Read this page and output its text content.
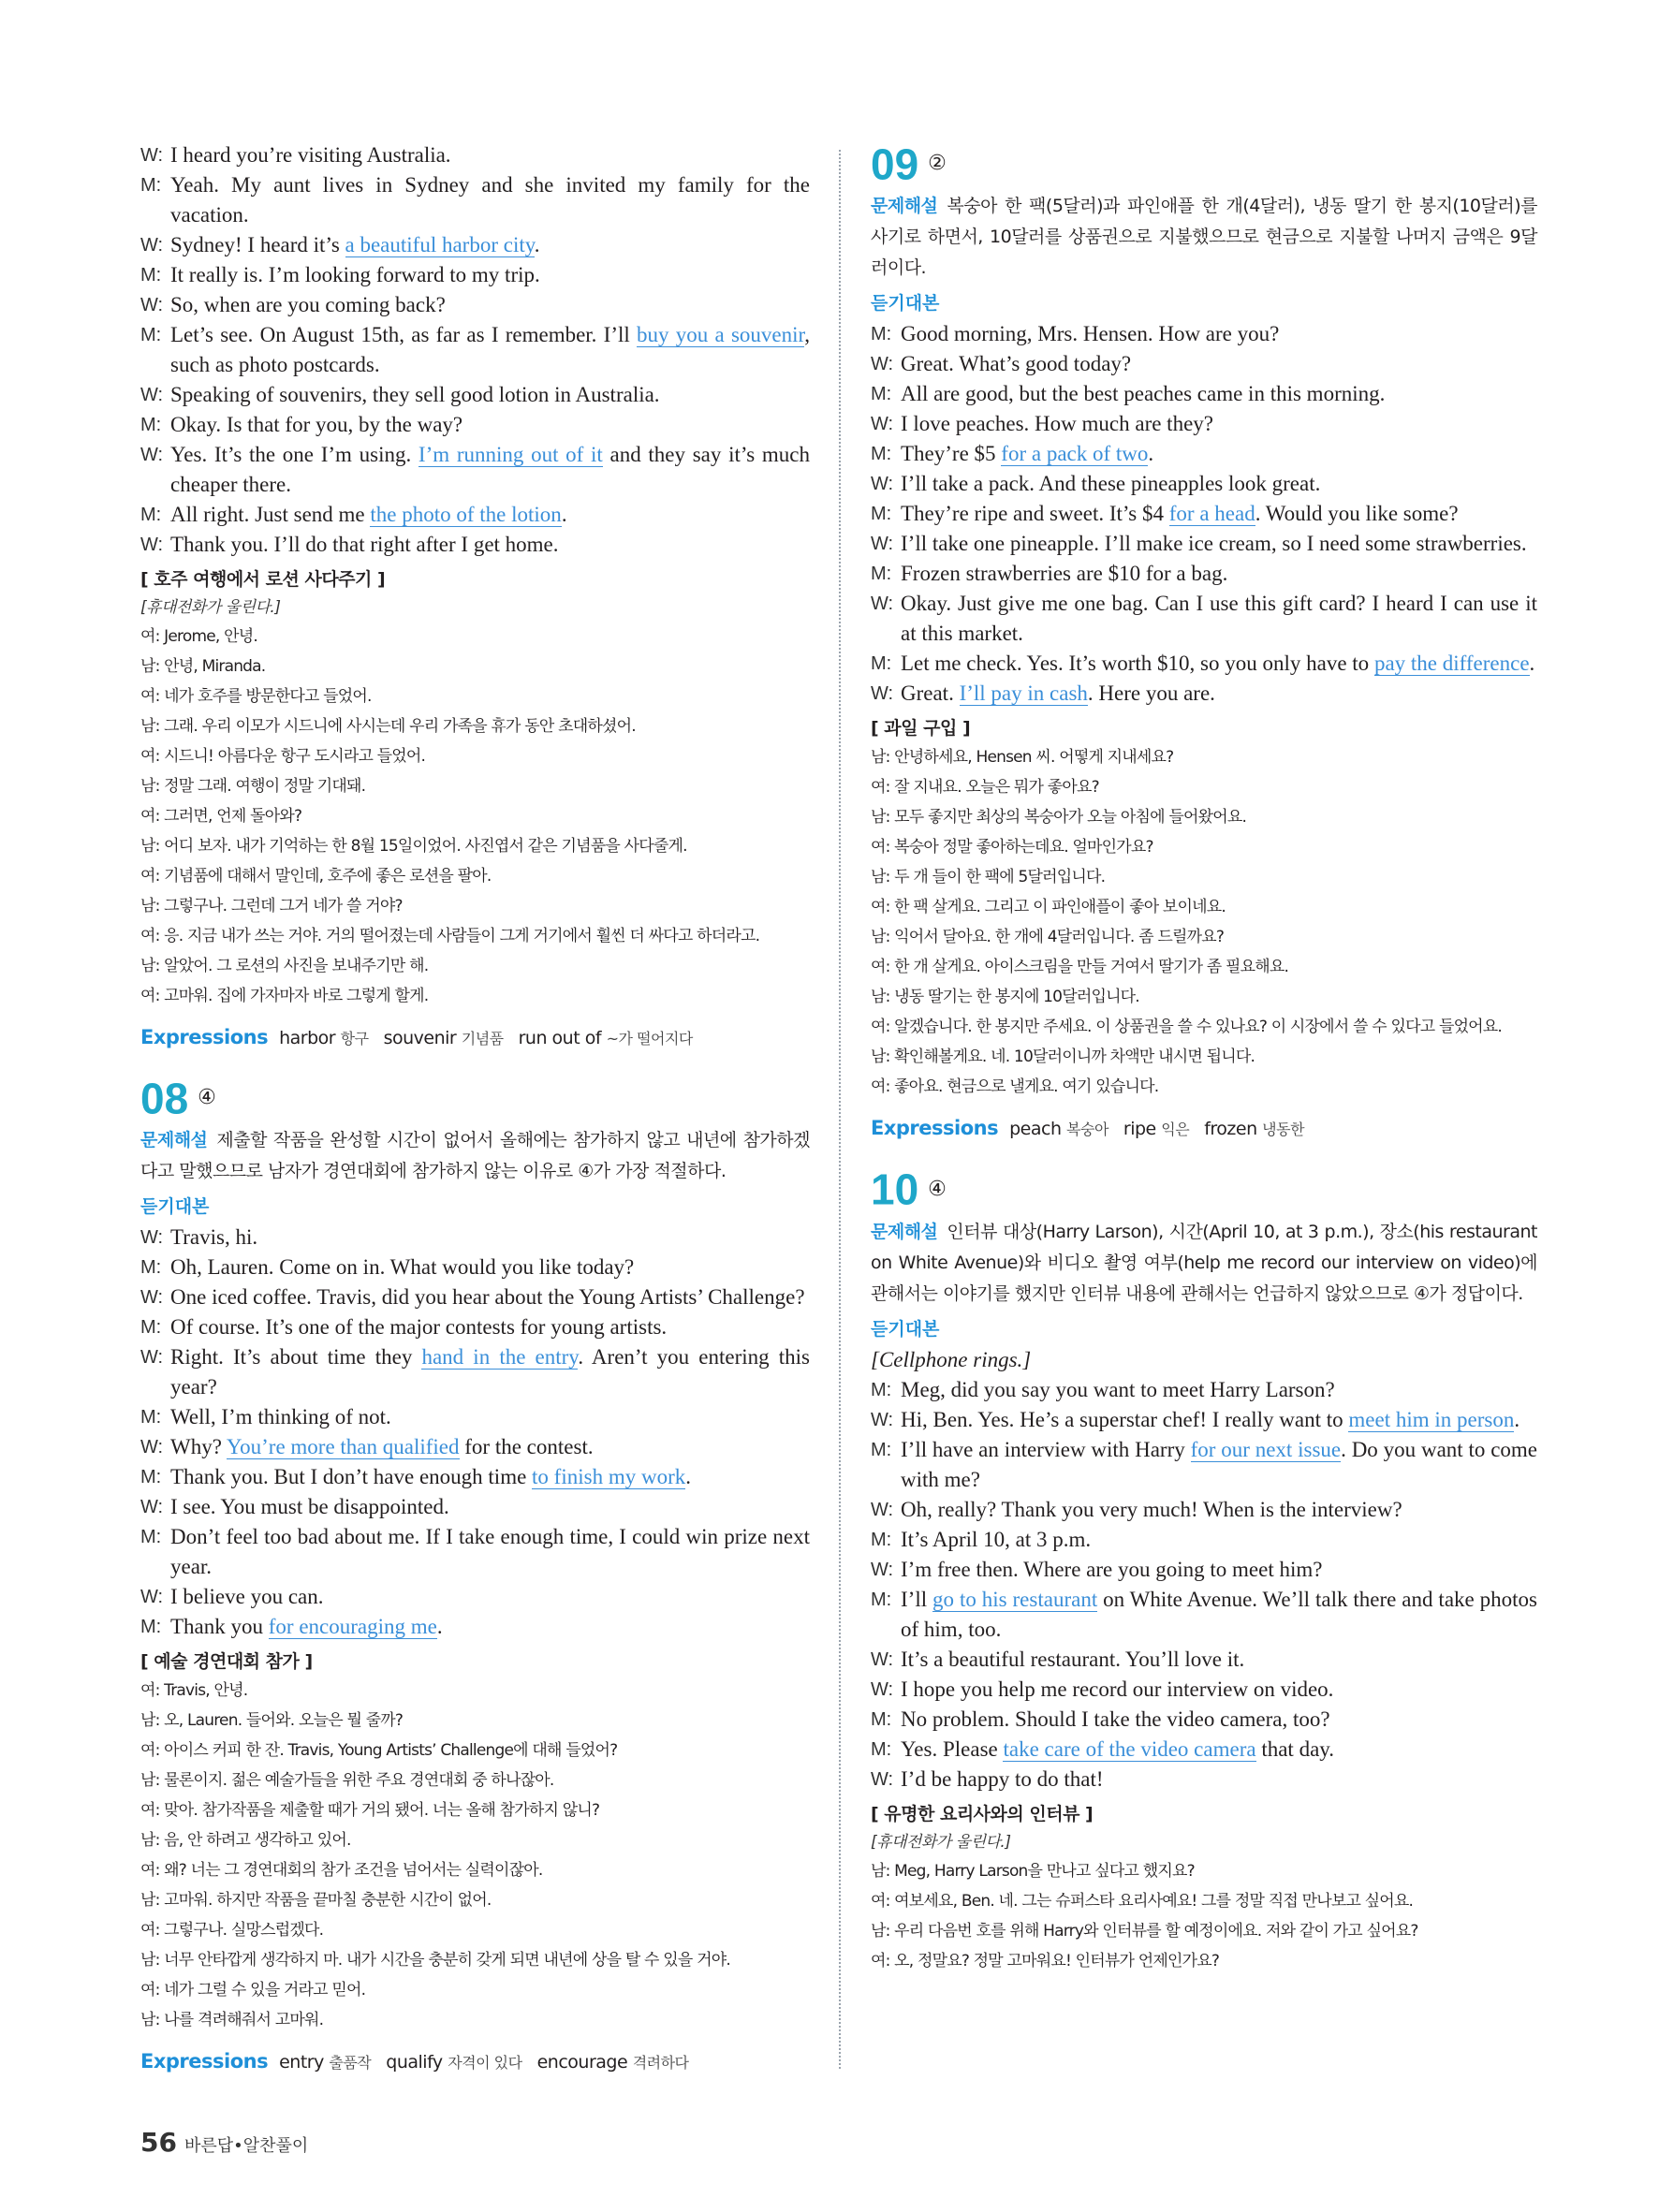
W: I heard you’re visiting Australia.
M: Yeah. My aunt lives in Sydney and she invited my family for the vacation.
W: Sydney! I heard it’s a beautiful harbor city.
M: It really is. I’m looking forward to my trip.
W: So, when are you coming back?
M: Let’s see. On August 15th, as far as I remember. I’ll buy you a souvenir, such as photo postcards.
W: Speaking of souvenirs, they sell good lotion in Australia.
M: Okay. Is that for you, by the way?
W: Yes. It’s the one I’m using. I’m running out of it and they say it’s much cheaper there.
M: All right. Just send me the photo of the lotion.
W: Thank you. I’ll do that right after I get home.
[ 호주 여행에서 로션 사다주기 ]
[휴대전화가 울린다.]
여: Jerome, 안녕.
남: 안녕, Miranda.
여: 네가 호주를 방문한다고 들었어.
남: 그래. 우리 이모가 시드니에 사시는데 우리 가족을 휴가 동안 초대하셨어.
여: 시드니! 아름다운 항구 도시라고 들었어.
남: 정말 그래. 여행이 정말 기대돼.
여: 그러면, 언제 돌아와?
남: 어디 보자. 내가 기억하는 한 8월 15일이었어. 사진엽서 같은 기념품을 사다줄게.
여: 기념품에 대해서 말인데, 호주에 좋은 로션을 팔아.
남: 그렇구나. 그런데 그거 네가 쓸 거야?
여: 응. 지금 내가 쓰는 거야. 거의 떨어졌는데 사람들이 그게 거기에서 훨씬 더 싸다고 하더라고.
남: 알았어. 그 로션의 사진을 보내주기만 해.
여: 고마워. 집에 가자마자 바로 그렇게 할게.
Expressions harbor 항구 souvenir 기념품 run out of ~가 떨어지다
08 ④
문제해설 제출할 작품을 완성할 시간이 없어서 올해에는 참가하지 않고 내년에 참가하겠다고 말했으므로 남자가 경연대회에 참가하지 않는 이유로 ④가 가장 적절하다.
듣기대본
W: Travis, hi.
M: Oh, Lauren. Come on in. What would you like today?
W: One iced coffee. Travis, did you hear about the Young Artists’ Challenge?
M: Of course. It’s one of the major contests for young artists.
W: Right. It’s about time they hand in the entry. Aren’t you entering this year?
M: Well, I’m thinking of not.
W: Why? You’re more than qualified for the contest.
M: Thank you. But I don’t have enough time to finish my work.
W: I see. You must be disappointed.
M: Don’t feel too bad about me. If I take enough time, I could win prize next year.
W: I believe you can.
M: Thank you for encouraging me.
[ 예술 경연대회 참가 ]
여: Travis, 안녕.
남: 오, Lauren. 들어와. 오늘은 뭘 줄까?
여: 아이스 커피 한 잔. Travis, Young Artists’ Challenge에 대해 들었어?
남: 물론이지. 젊은 예술가들을 위한 주요 경연대회 중 하나잖아.
여: 맞아. 참가작품을 제출할 때가 거의 됐어. 너는 올해 참가하지 않니?
남: 음, 안 하려고 생각하고 있어.
여: 왜? 너는 그 경연대회의 참가 조건을 넘어서는 실력이잖아.
남: 고마워. 하지만 작품을 끝마칠 충분한 시간이 없어.
여: 그렇구나. 실망스럽겠다.
남: 너무 안타깝게 생각하지 마. 내가 시간을 충분히 갖게 되면 내년에 상을 탈 수 있을 거야.
여: 네가 그럴 수 있을 거라고 믿어.
남: 나를 격려해줘서 고마워.
Expressions entry 출품작 qualify 자격이 있다 encourage 격려하다
09 ②
문제해설 복숭아 한 팩(5달러)과 파인애플 한 개(4달러), 냉동 딸기 한 봉지(10달러)를 사기로 하면서, 10달러를 상품권으로 지불했으므로 현금으로 지불할 나머지 금액은 9달러이다.
듣기대본
M: Good morning, Mrs. Hensen. How are you?
W: Great. What’s good today?
M: All are good, but the best peaches came in this morning.
W: I love peaches. How much are they?
M: They’re $5 for a pack of two.
W: I’ll take a pack. And these pineapples look great.
M: They’re ripe and sweet. It’s $4 for a head. Would you like some?
W: I’ll take one pineapple. I’ll make ice cream, so I need some strawberries.
M: Frozen strawberries are $10 for a bag.
W: Okay. Just give me one bag. Can I use this gift card? I heard I can use it at this market.
M: Let me check. Yes. It’s worth $10, so you only have to pay the difference.
W: Great. I’ll pay in cash. Here you are.
[ 과일 구입 ]
남: 안녕하세요, Hensen 씨. 어떻게 지내세요?
여: 잘 지내요. 오늘은 뭐가 좋아요?
남: 모두 좋지만 최상의 복숭아가 오늘 아침에 들어왔어요.
여: 복숭아 정말 좋아하는데요. 얼마인가요?
남: 두 개 들이 한 팩에 5달러입니다.
여: 한 팩 살게요. 그리고 이 파인애플이 좋아 보이네요.
남: 익어서 달아요. 한 개에 4달러입니다. 좀 드릴까요?
여: 한 개 살게요. 아이스크림을 만들 거여서 딸기가 좀 필요해요.
남: 냉동 딸기는 한 봉지에 10달러입니다.
여: 알겠습니다. 한 봉지만 주세요. 이 상품권을 쓸 수 있나요? 이 시장에서 쓸 수 있다고 들었어요.
남: 확인해볼게요. 네. 10달러이니까 차액만 내시면 됩니다.
여: 좋아요. 현금으로 낼게요. 여기 있습니다.
Expressions peach 복숭아 ripe 익은 frozen 냉동한
10 ④
문제해설 인터뷰 대상(Harry Larson), 시간(April 10, at 3 p.m.), 장소(his restaurant on White Avenue)와 비디오 촬영 여부(help me record our interview on video)에 관해서는 이야기를 했지만 인터뷰 내용에 관해서는 언급하지 않았으므로 ④가 정답이다.
듣기대본
[Cellphone rings.]
M: Meg, did you say you want to meet Harry Larson?
W: Hi, Ben. Yes. He’s a superstar chef! I really want to meet him in person.
M: I’ll have an interview with Harry for our next issue. Do you want to come with me?
W: Oh, really? Thank you very much! When is the interview?
M: It’s April 10, at 3 p.m.
W: I’m free then. Where are you going to meet him?
M: I’ll go to his restaurant on White Avenue. We’ll talk there and take photos of him, too.
W: It’s a beautiful restaurant. You’ll love it.
W: I hope you help me record our interview on video.
M: No problem. Should I take the video camera, too?
M: Yes. Please take care of the video camera that day.
W: I’d be happy to do that!
[ 유명한 요리사와의 인터뷰 ]
[휴대전화가 울린다.]
남: Meg, Harry Larson을 만나고 싶다고 했지요?
여: 여보세요, Ben. 네. 그는 슈퍼스타 요리사예요! 그를 정말 직접 만나보고 싶어요.
남: 우리 다음번 호를 위해 Harry와 인터뷰를 할 예정이에요. 저와 같이 가고 싶어요?
여: 오, 정말요? 정말 고마워요! 인터뷰가 언제인가요?
56 바른답•알찬풀이
